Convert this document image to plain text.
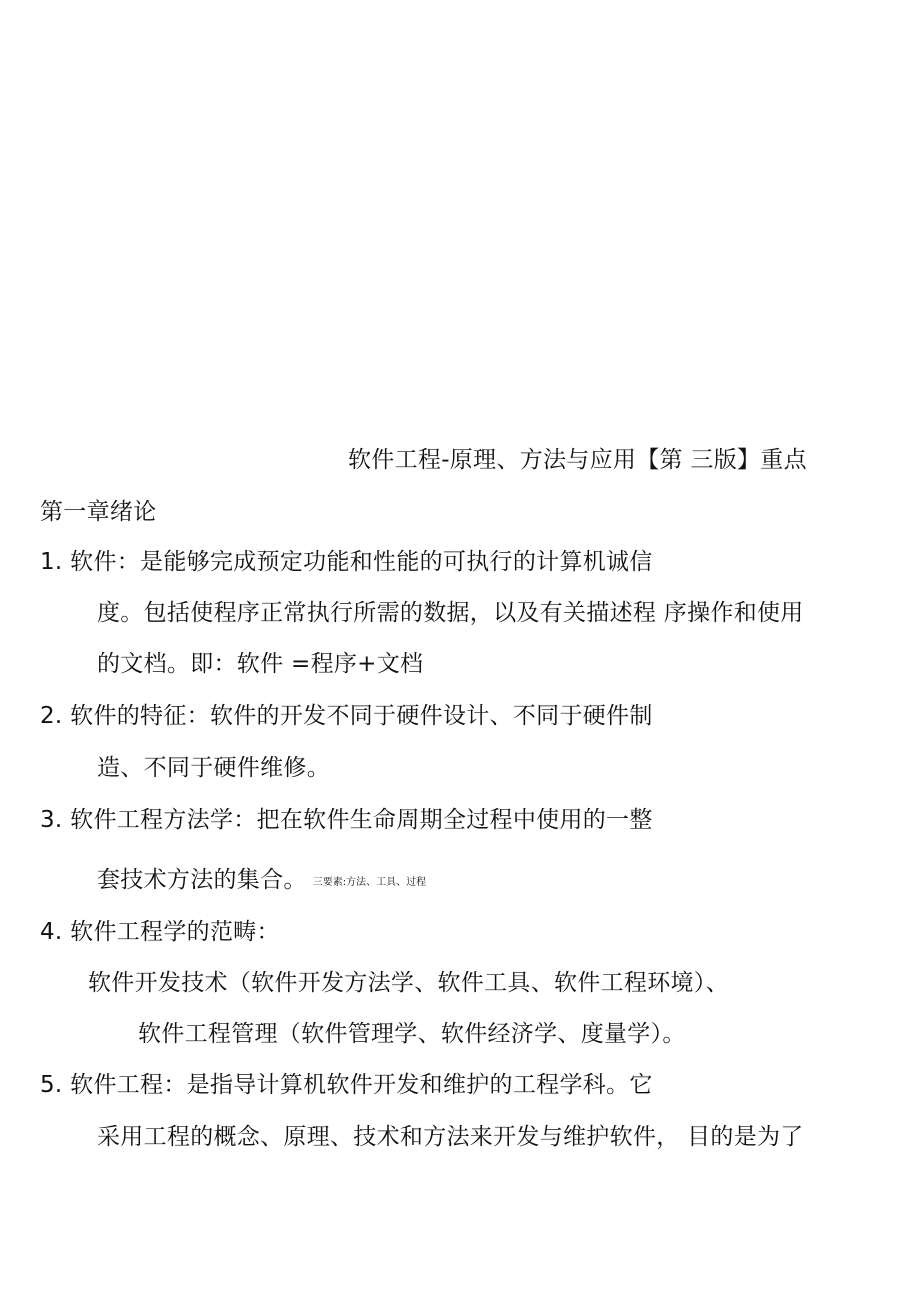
软件工程-原理、方法与应用【第 三版】重点
第一章绪论
1. 软件：是能够完成预定功能和性能的可执行的计算机诚信
度。包括使程序正常执行所需的数据，以及有关描述程 序操作和使用
的文档。即：软件 =程序+文档
2. 软件的特征：软件的开发不同于硬件设计、不同于硬件制
造、不同于硬件维修。
3. 软件工程方法学：把在软件生命周期全过程中使用的一整
套技术方法的集合。 三要素:方法、工具、过程
4. 软件工程学的范畴：
软件开发技术（软件开发方法学、软件工具、软件工程环境）、
软件工程管理（软件管理学、软件经济学、度量学）。
5. 软件工程：是指导计算机软件开发和维护的工程学科。它
采用工程的概念、原理、技术和方法来开发与维护软件， 目的是为了
